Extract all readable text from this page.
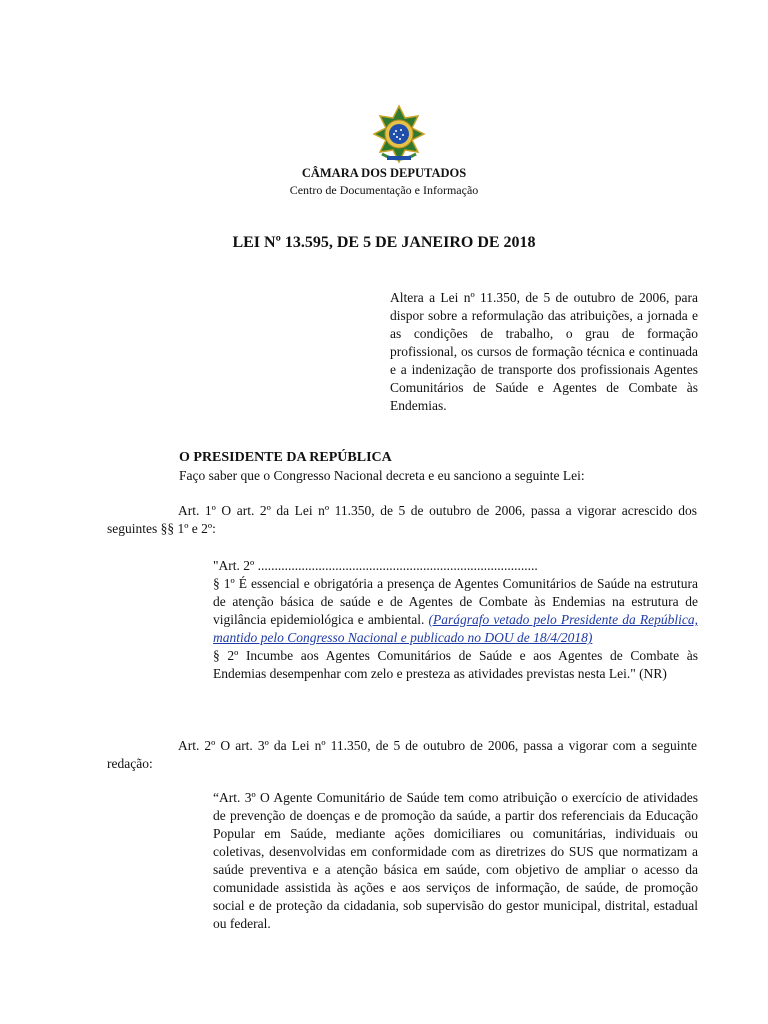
CÂMARA DOS DEPUTADOS
Centro de Documentação e Informação
LEI Nº 13.595, DE 5 DE JANEIRO DE 2018
Altera a Lei nº 11.350, de 5 de outubro de 2006, para dispor sobre a reformulação das atribuições, a jornada e as condições de trabalho, o grau de formação profissional, os cursos de formação técnica e continuada e a indenização de transporte dos profissionais Agentes Comunitários de Saúde e Agentes de Combate às Endemias.
O PRESIDENTE DA REPÚBLICA
Faço saber que o Congresso Nacional decreta e eu sanciono a seguinte Lei:

Art. 1º O art. 2º da Lei nº 11.350, de 5 de outubro de 2006, passa a vigorar acrescido dos seguintes §§ 1º e 2º:

"Art. 2º ...................................................................................

§ 1º É essencial e obrigatória a presença de Agentes Comunitários de Saúde na estrutura de atenção básica de saúde e de Agentes de Combate às Endemias na estrutura de vigilância epidemiológica e ambiental. (Parágrafo vetado pelo Presidente da República, mantido pelo Congresso Nacional e publicado no DOU de 18/4/2018)

§ 2º Incumbe aos Agentes Comunitários de Saúde e aos Agentes de Combate às Endemias desempenhar com zelo e presteza as atividades previstas nesta Lei." (NR)

Art. 2º O art. 3º da Lei nº 11.350, de 5 de outubro de 2006, passa a vigorar com a seguinte redação:

“Art. 3º O Agente Comunitário de Saúde tem como atribuição o exercício de atividades de prevenção de doenças e de promoção da saúde, a partir dos referenciais da Educação Popular em Saúde, mediante ações domiciliares ou comunitárias, individuais ou coletivas, desenvolvidas em conformidade com as diretrizes do SUS que normatizam a saúde preventiva e a atenção básica em saúde, com objetivo de ampliar o acesso da comunidade assistida às ações e aos serviços de informação, de saúde, de promoção social e de proteção da cidadania, sob supervisão do gestor municipal, distrital, estadual ou federal.
